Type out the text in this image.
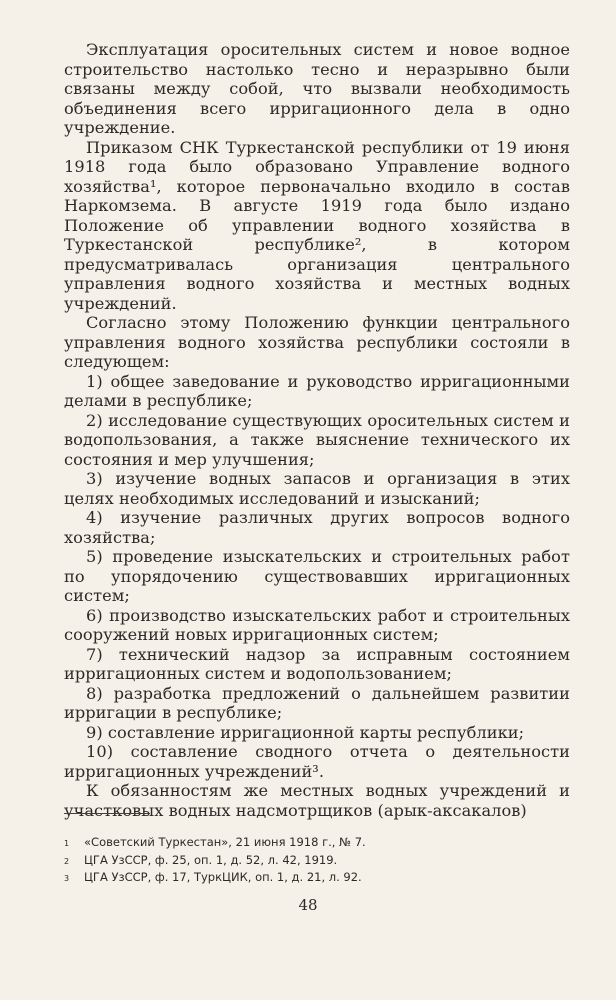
Эксплуатация оросительных систем и новое водное строительство настолько тесно и неразрывно были связаны между собой, что вызвали необходимость объединения всего ирригационного дела в одно учреждение.

Приказом СНК Туркестанской республики от 19 июня 1918 года было образовано Управление водного хозяйства¹, которое первоначально входило в состав Наркомзема. В августе 1919 года было издано Положение об управлении водного хозяйства в Туркестанской республике², в котором предусматривалась организация центрального управления водного хозяйства и местных водных учреждений.

Согласно этому Положению функции центрального управления водного хозяйства республики состояли в следующем:

1) общее заведование и руководство ирригационными делами в республике;

2) исследование существующих оросительных систем и водопользования, а также выяснение технического их состояния и мер улучшения;

3) изучение водных запасов и организация в этих целях необходимых исследований и изысканий;

4) изучение различных других вопросов водного хозяйства;

5) проведение изыскательских и строительных работ по упорядочению существовавших ирригационных систем;

6) производство изыскательских работ и строительных сооружений новых ирригационных систем;

7) технический надзор за исправным состоянием ирригационных систем и водопользованием;

8) разработка предложений о дальнейшем развитии ирригации в республике;

9) составление ирригационной карты республики;

10) составление сводного отчета о деятельности ирригационных учреждений³.

К обязанностям же местных водных учреждений и участковых водных надсмотрщиков (арык-аксакалов)

1	«Советский Туркестан», 21 июня 1918 г., № 7.
2	ЦГА УзССР, ф. 25, оп. 1, д. 52, л. 42, 1919.
3	ЦГА УзССР, ф. 17, ТуркЦИК, оп. 1, д. 21, л. 92.
48
